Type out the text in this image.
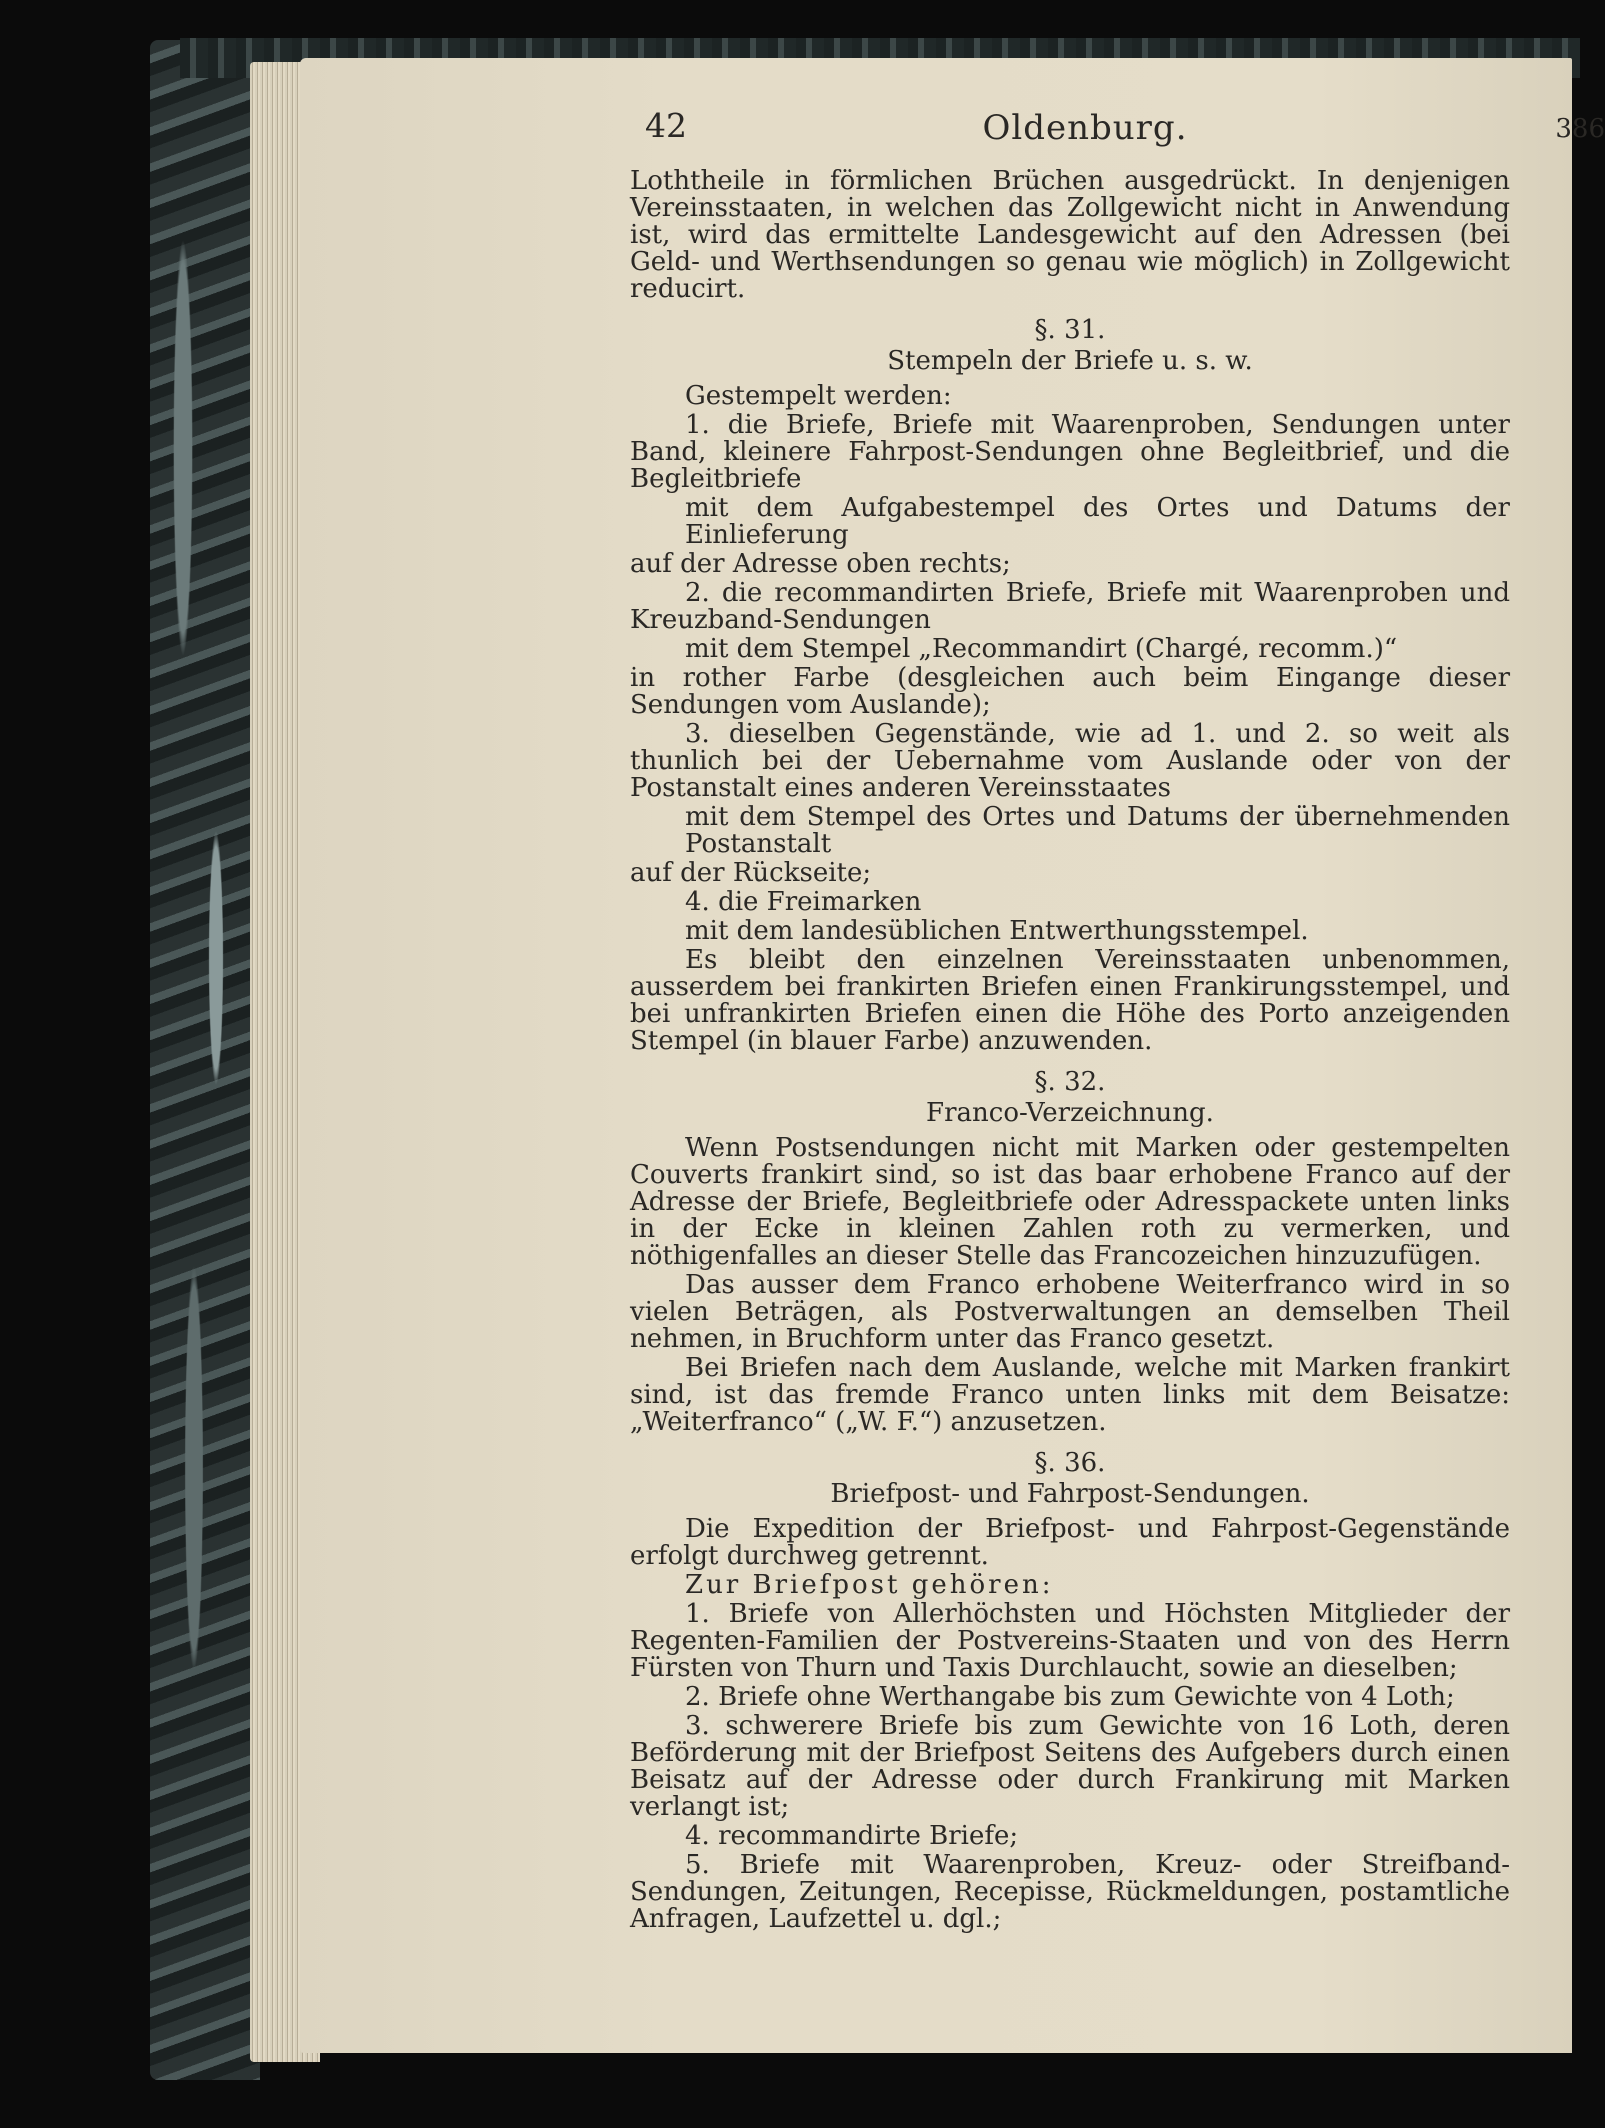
42	Oldenburg.	386

Loththeile in förmlichen Brüchen ausgedrückt. In denjenigen Vereinsstaaten, in welchen das Zollgewicht nicht in Anwendung ist, wird das ermittelte Landesgewicht auf den Adressen (bei Geld- und Werthsendungen so genau wie möglich) in Zollgewicht reducirt.

§. 31.
Stempeln der Briefe u. s. w.

Gestempelt werden:

1. die Briefe, Briefe mit Waarenproben, Sendungen unter Band, kleinere Fahrpost-Sendungen ohne Begleitbrief, und die Begleitbriefe

mit dem Aufgabestempel des Ortes und Datums der Einlieferung

auf der Adresse oben rechts;

2. die recommandirten Briefe, Briefe mit Waarenproben und Kreuzband-Sendungen

mit dem Stempel „Recommandirt (Chargé, recomm.)“

in rother Farbe (desgleichen auch beim Eingange dieser Sendungen vom Auslande);

3. dieselben Gegenstände, wie ad 1. und 2. so weit als thunlich bei der Uebernahme vom Auslande oder von der Postanstalt eines anderen Vereinsstaates

mit dem Stempel des Ortes und Datums der übernehmenden Postanstalt

auf der Rückseite;

4. die Freimarken

mit dem landesüblichen Entwerthungsstempel.

Es bleibt den einzelnen Vereinsstaaten unbenommen, ausserdem bei frankirten Briefen einen Frankirungsstempel, und bei unfrankirten Briefen einen die Höhe des Porto anzeigenden Stempel (in blauer Farbe) anzuwenden.

§. 32.
Franco-Verzeichnung.

Wenn Postsendungen nicht mit Marken oder gestempelten Couverts frankirt sind, so ist das baar erhobene Franco auf der Adresse der Briefe, Begleitbriefe oder Adresspackete unten links in der Ecke in kleinen Zahlen roth zu vermerken, und nöthigenfalles an dieser Stelle das Francozeichen hinzuzufügen.

Das ausser dem Franco erhobene Weiterfranco wird in so vielen Beträgen, als Postverwaltungen an demselben Theil nehmen, in Bruchform unter das Franco gesetzt.

Bei Briefen nach dem Auslande, welche mit Marken frankirt sind, ist das fremde Franco unten links mit dem Beisatze: „Weiterfranco“ („W. F.“) anzusetzen.

§. 36.
Briefpost- und Fahrpost-Sendungen.

Die Expedition der Briefpost- und Fahrpost-Gegenstände erfolgt durchweg getrennt.

Zur Briefpost gehören:

1. Briefe von Allerhöchsten und Höchsten Mitglieder der Regenten-Familien der Postvereins-Staaten und von des Herrn Fürsten von Thurn und Taxis Durchlaucht, sowie an dieselben;

2. Briefe ohne Werthangabe bis zum Gewichte von 4 Loth;

3. schwerere Briefe bis zum Gewichte von 16 Loth, deren Beförderung mit der Briefpost Seitens des Aufgebers durch einen Beisatz auf der Adresse oder durch Frankirung mit Marken verlangt ist;

4. recommandirte Briefe;

5. Briefe mit Waarenproben, Kreuz- oder Streifband-Sendungen, Zeitungen, Recepisse, Rückmeldungen, postamtliche Anfragen, Laufzettel u. dgl.;
